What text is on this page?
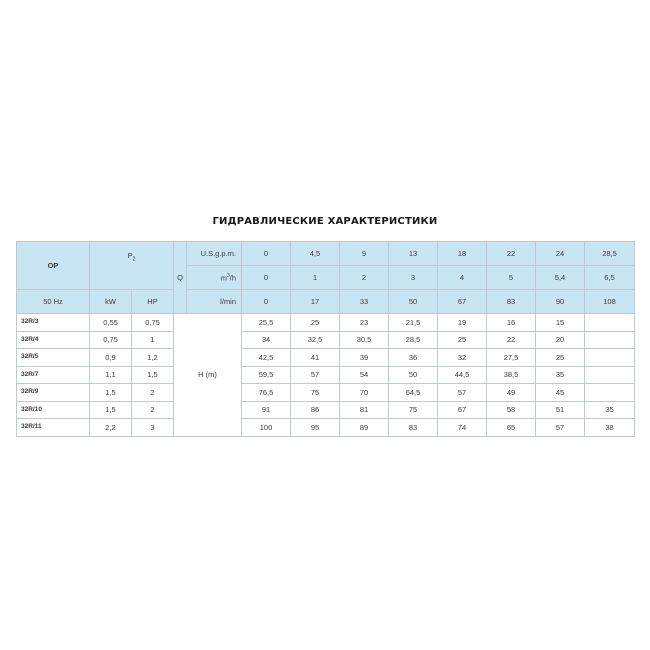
ГИДРАВЛИЧЕСКИЕ ХАРАКТЕРИСТИКИ
OP	$P_2$		Q	U.S.g.p.m.	0	4,5	9	13	18	22	24	28,5
				$m^3/h$	0	1	2	3	4	5	5,4	6,5
50 Hz	kW	HP		l/min	0	17	33	50	67	83	90	108
32R/3	0,55	0,75	H (m)		25,5	25	23	21,5	19	16	15	
32R/4	0,75	1			34	32,5	30,5	28,5	25	22	20	
32R/5	0,9	1,2			42,5	41	39	36	32	27,5	25	
32R/7	1,1	1,5			59,5	57	54	50	44,5	38,5	35	
32R/9	1,5	2			76,5	75	70	64,5	57	49	45	
32R/10	1,5	2			91	86	81	75	67	58	51	35
32R/11	2,2	3			100	95	89	83	74	65	57	38
